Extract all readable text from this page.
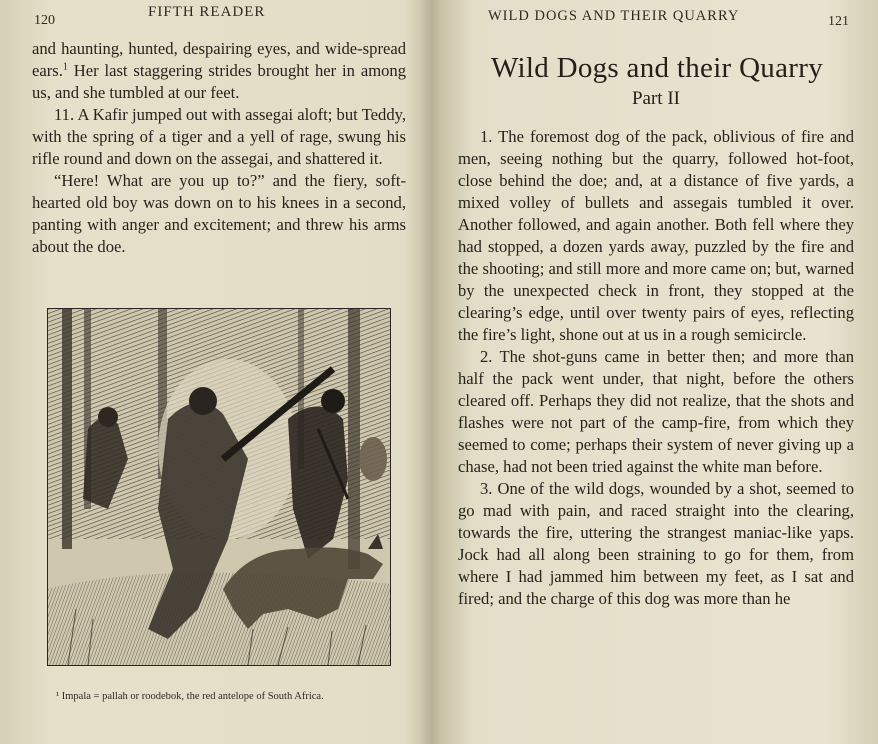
120
FIFTH READER

and haunting, hunted, despairing eyes, and wide-spread ears.$^1$ Her last staggering strides brought her in among us, and she tumbled at our feet.

11. A Kafir jumped out with assegai aloft; but Teddy, with the spring of a tiger and a yell of rage, swung his rifle round and down on the assegai, and shattered it.

“Here! What are you up to?” and the fiery, soft-hearted old boy was down on to his knees in a second, panting with anger and excitement; and threw his arms about the doe.

¹ Impala = pallah or roodebok, the red antelope of South Africa.
WILD DOGS AND THEIR QUARRY	121
Wild Dogs and their Quarry
Part II

1. The foremost dog of the pack, oblivious of fire and men, seeing nothing but the quarry, followed hot-foot, close behind the doe; and, at a distance of five yards, a mixed volley of bullets and assegais tumbled it over. Another followed, and again another. Both fell where they had stopped, a dozen yards away, puzzled by the fire and the shooting; and still more and more came on; but, warned by the unexpected check in front, they stopped at the clearing’s edge, until over twenty pairs of eyes, reflecting the fire’s light, shone out at us in a rough semicircle.

2. The shot-guns came in better then; and more than half the pack went under, that night, before the others cleared off. Perhaps they did not realize, that the shots and flashes were not part of the camp-fire, from which they seemed to come; perhaps their system of never giving up a chase, had not been tried against the white man before.

3. One of the wild dogs, wounded by a shot, seemed to go mad with pain, and raced straight into the clearing, towards the fire, uttering the strangest maniac-like yaps. Jock had all along been straining to go for them, from where I had jammed him between my feet, as I sat and fired; and the charge of this dog was more than he
